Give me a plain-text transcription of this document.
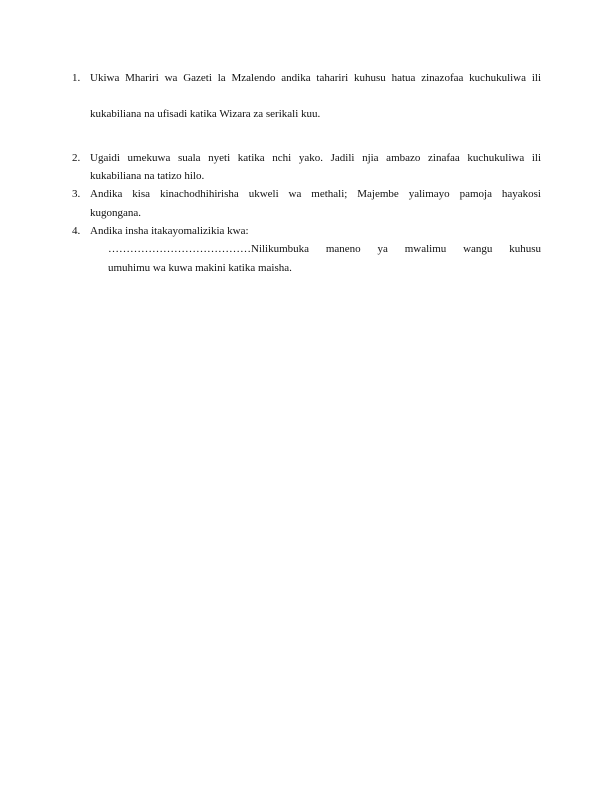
1. Ukiwa Mhariri wa Gazeti la Mzalendo andika tahariri kuhusu hatua zinazofaa kuchukuliwa ili
kukabiliana na ufisadi katika Wizara za serikali kuu.
2. Ugaidi umekuwa suala nyeti katika nchi yako. Jadili njia ambazo zinafaa kuchukuliwa ili
kukabiliana na tatizo hilo.
3. Andika kisa kinachodhihirisha ukweli wa methali; Majembe yalimayo pamoja hayakosi
kugongana.
4. Andika insha itakayomalizikia kwa:
…………………………………Nilikumbuka maneno ya mwalimu wangu kuhusu
umuhimu wa kuwa makini katika maisha.
